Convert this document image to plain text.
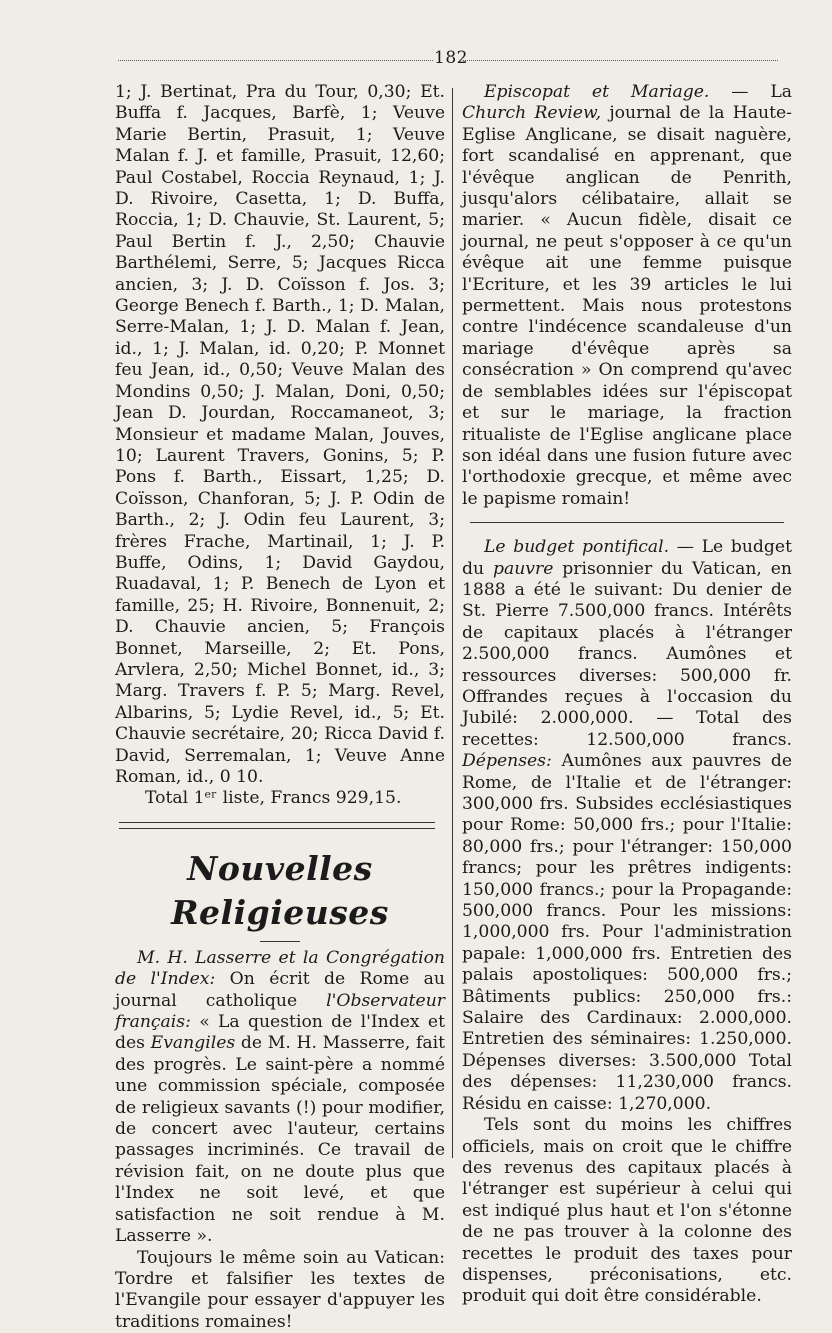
182

1; J. Bertinat, Pra du Tour, 0,30; Et. Buffa f. Jacques, Barfè, 1; Veuve Marie Bertin, Prasuit, 1; Veuve Malan f. J. et famille, Prasuit, 12,60; Paul Costabel, Roccia Reynaud, 1; J. D. Rivoire, Casetta, 1; D. Buffa, Roccia, 1; D. Chauvie, St. Laurent, 5; Paul Bertin f. J., 2,50; Chauvie Barthélemi, Serre, 5; Jacques Ricca ancien, 3; J. D. Coïsson f. Jos. 3; George Benech f. Barth., 1; D. Malan, Serre-Malan, 1; J. D. Malan f. Jean, id., 1; J. Malan, id. 0,20; P. Monnet feu Jean, id., 0,50; Veuve Malan des Mondins 0,50; J. Malan, Doni, 0,50; Jean D. Jourdan, Roccamaneot, 3; Monsieur et madame Malan, Jouves, 10; Laurent Travers, Gonins, 5; P. Pons f. Barth., Eissart, 1,25; D. Coïsson, Chanforan, 5; J. P. Odin de Barth., 2; J. Odin feu Laurent, 3; frères Frache, Martinail, 1; J. P. Buffe, Odins, 1; David Gaydou, Ruadaval, 1; P. Benech de Lyon et famille, 25; H. Rivoire, Bonnenuit, 2; D. Chauvie ancien, 5; François Bonnet, Marseille, 2; Et. Pons, Arvlera, 2,50; Michel Bonnet, id., 3; Marg. Travers f. P. 5; Marg. Revel, Albarins, 5; Lydie Revel, id., 5; Et. Chauvie secrétaire, 20; Ricca David f. David, Serremalan, 1; Veuve Anne Roman, id., 0 10.

Total 1ᵉʳ liste, Francs 929,15.

Nouvelles Religieuses

M. H. Lasserre et la Congrégation de l'Index: On écrit de Rome au journal catholique l'Observateur français: « La question de l'Index et des Evangiles de M. H. Masserre, fait des progrès. Le saint-père a nommé une commission spéciale, composée de religieux savants (!) pour modifier, de concert avec l'auteur, certains passages incriminés. Ce travail de révision fait, on ne doute plus que l'Index ne soit levé, et que satisfaction ne soit rendue à M. Lasserre ».

Toujours le même soin au Vatican: Tordre et falsifier les textes de l'Evangile pour essayer d'appuyer les traditions romaines!

Episcopat et Mariage. — La Church Review, journal de la Haute-Eglise Anglicane, se disait naguère, fort scandalisé en apprenant, que l'évêque anglican de Penrith, jusqu'alors célibataire, allait se marier. « Aucun fidèle, disait ce journal, ne peut s'opposer à ce qu'un évêque ait une femme puisque l'Ecriture, et les 39 articles le lui permettent. Mais nous protestons contre l'indécence scandaleuse d'un mariage d'évêque après sa consécration » On comprend qu'avec de semblables idées sur l'épiscopat et sur le mariage, la fraction ritualiste de l'Eglise anglicane place son idéal dans une fusion future avec l'orthodoxie grecque, et même avec le papisme romain!

Le budget pontifical. — Le budget du pauvre prisonnier du Vatican, en 1888 a été le suivant: Du denier de St. Pierre 7.500,000 francs. Intérêts de capitaux placés à l'étranger 2.500,000 francs. Aumônes et ressources diverses: 500,000 fr. Offrandes reçues à l'occasion du Jubilé: 2.000,000. — Total des recettes: 12.500,000 francs. Dépenses: Aumônes aux pauvres de Rome, de l'Italie et de l'étranger: 300,000 frs. Subsides ecclésiastiques pour Rome: 50,000 frs.; pour l'Italie: 80,000 frs.; pour l'étranger: 150,000 francs; pour les prêtres indigents: 150,000 francs.; pour la Propagande: 500,000 francs. Pour les missions: 1,000,000 frs. Pour l'administration papale: 1,000,000 frs. Entretien des palais apostoliques: 500,000 frs.; Bâtiments publics: 250,000 frs.: Salaire des Cardinaux: 2.000,000. Entretien des séminaires: 1.250,000. Dépenses diverses: 3.500,000 Total des dépenses: 11,230,000 francs. Résidu en caisse: 1,270,000.

Tels sont du moins les chiffres officiels, mais on croit que le chiffre des revenus des capitaux placés à l'étranger est supérieur à celui qui est indiqué plus haut et l'on s'étonne de ne pas trouver à la colonne des recettes le produit des taxes pour dispenses, préconisations, etc. produit qui doit être considérable.
